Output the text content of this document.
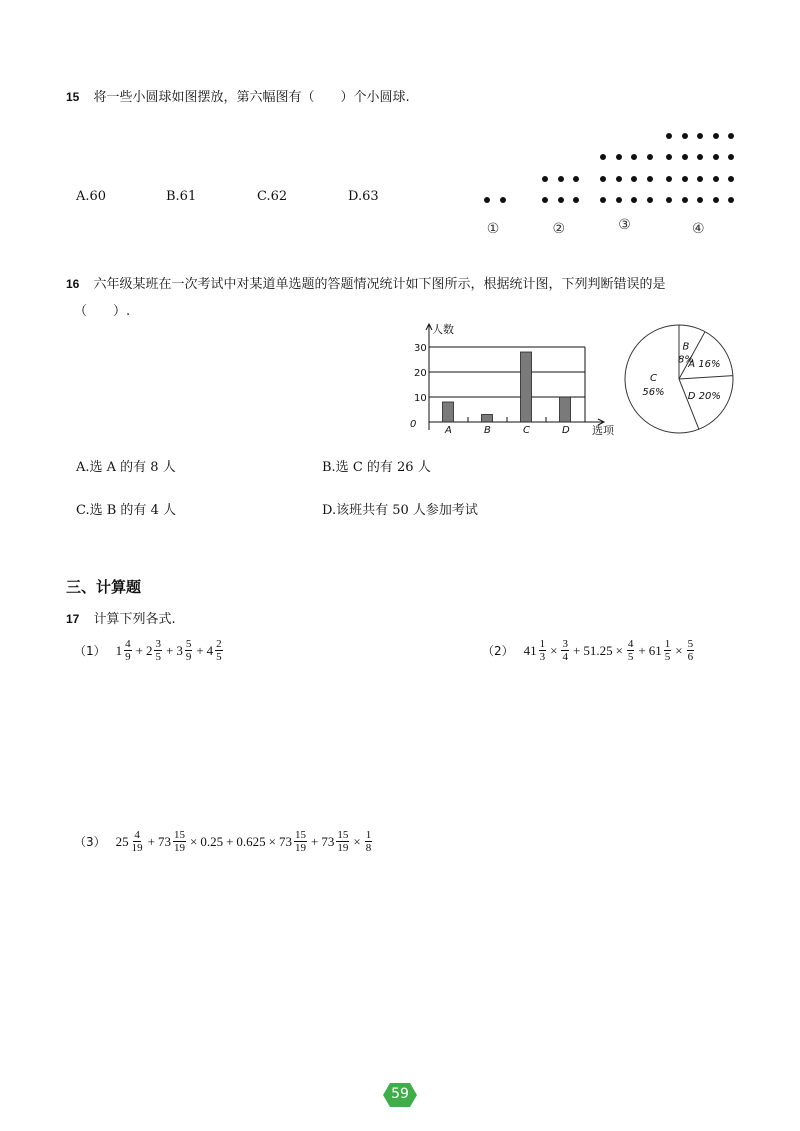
15 将一些小圆球如图摆放，第六幅图有（　　）个小圆球.
A.60	B.61	C.62	D.63
①	②	③	④
16 六年级某班在一次考试中对某道单选题的答题情况统计如下图所示，根据统计图，下列判断错误的是
（　　）.
0
10
20
30
A	B	C	D
人数
选项
A 16%
B
8%
C
56% D 20%
A.选 A 的有 8 人	B.选 C 的有 26 人
C.选 B 的有 4 人	D.该班共有 50 人参加考试
三、计算题
17 计算下列各式.
（1） $1 \frac{4}{9} + 2 \frac{3}{5} + 3 \frac{5}{9} + 4 \frac{2}{5}$	（2） $41 \frac{1}{3} \times \frac{3}{4} + 51.25 \times \frac{4}{5} + 61 \frac{1}{5} \times \frac{5}{6}$
（3） $25 \frac{4}{19} + 73 \frac{15}{19} \times 0.25 + 0.625 \times 73 \frac{15}{19} + 73 \frac{15}{19} \times \frac{1}{8}$
59
